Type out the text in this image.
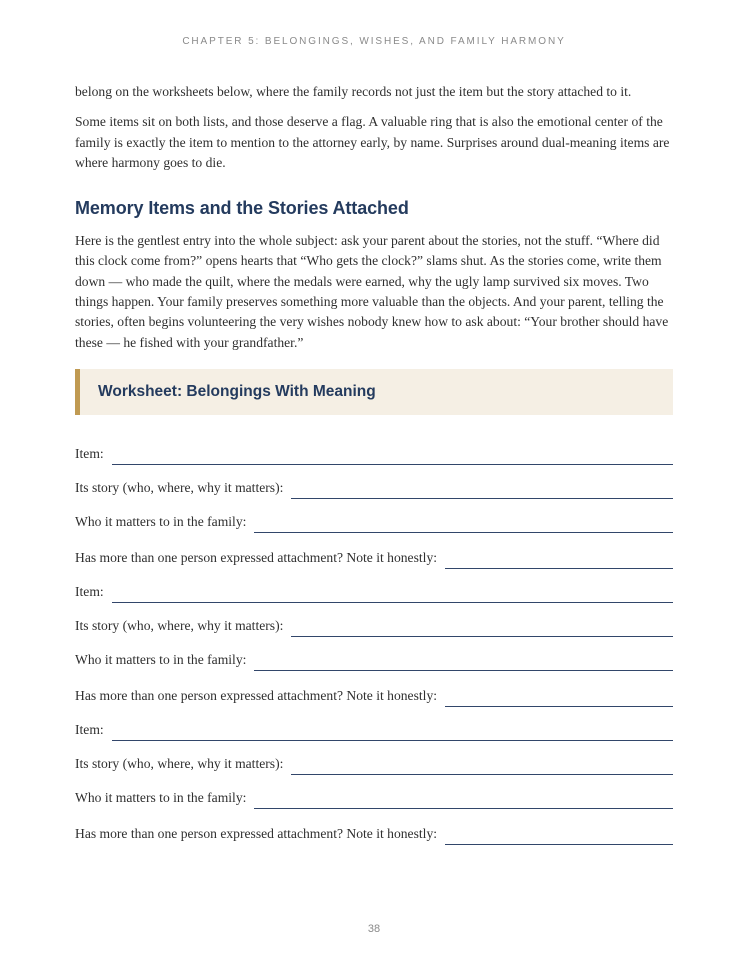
CHAPTER 5: BELONGINGS, WISHES, AND FAMILY HARMONY

belong on the worksheets below, where the family records not just the item but the story attached to it.

Some items sit on both lists, and those deserve a flag. A valuable ring that is also the emotional center of the family is exactly the item to mention to the attorney early, by name. Surprises around dual-meaning items are where harmony goes to die.

Memory Items and the Stories Attached

Here is the gentlest entry into the whole subject: ask your parent about the stories, not the stuff. “Where did this clock come from?” opens hearts that “Who gets the clock?” slams shut. As the stories come, write them down — who made the quilt, where the medals were earned, why the ugly lamp survived six moves. Two things happen. Your family preserves something more valuable than the objects. And your parent, telling the stories, often begins volunteering the very wishes nobody knew how to ask about: “Your brother should have these — he fished with your grandfather.”

Worksheet: Belongings With Meaning
Item:
Its story (who, where, why it matters):
Who it matters to in the family:
Has more than one person expressed attachment? Note it honestly:
Item:
Its story (who, where, why it matters):
Who it matters to in the family:
Has more than one person expressed attachment? Note it honestly:
Item:
Its story (who, where, why it matters):
Who it matters to in the family:
Has more than one person expressed attachment? Note it honestly:
38
